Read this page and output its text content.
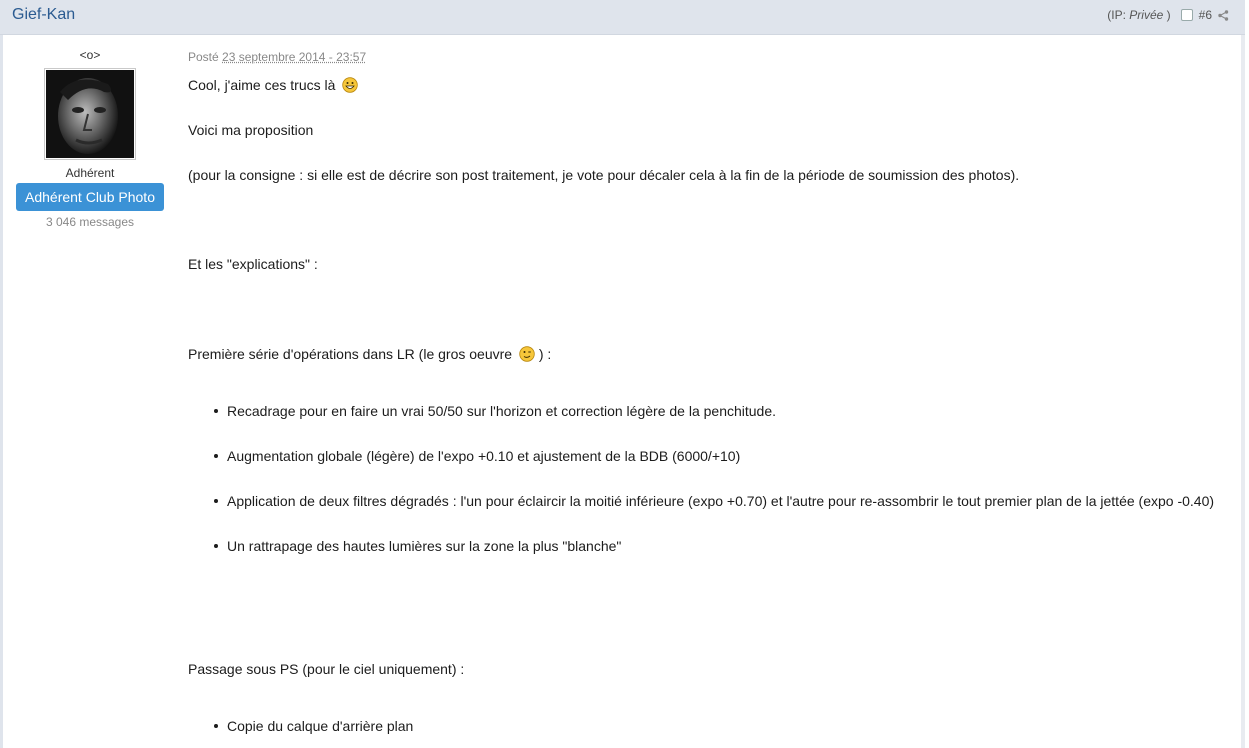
Gief-Kan	(IP: Privée ) #6
<o>
Adhérent
Adhérent Club Photo
3 046 messages
Posté 23 septembre 2014 - 23:57
Cool, j'aime ces trucs là
Voici ma proposition
(pour la consigne : si elle est de décrire son post traitement, je vote pour décaler cela à la fin de la période de soumission des photos).
Et les "explications" :
Première série d'opérations dans LR (le gros oeuvre ) :
Recadrage pour en faire un vrai 50/50 sur l'horizon et correction légère de la penchitude.
Augmentation globale (légère) de l'expo +0.10 et ajustement de la BDB (6000/+10)
Application de deux filtres dégradés : l'un pour éclaircir la moitié inférieure (expo +0.70) et l'autre pour re-assombrir le tout premier plan de la jettée (expo -0.40)
Un rattrapage des hautes lumières sur la zone la plus "blanche"
Passage sous PS (pour le ciel uniquement) :
Copie du calque d'arrière plan
